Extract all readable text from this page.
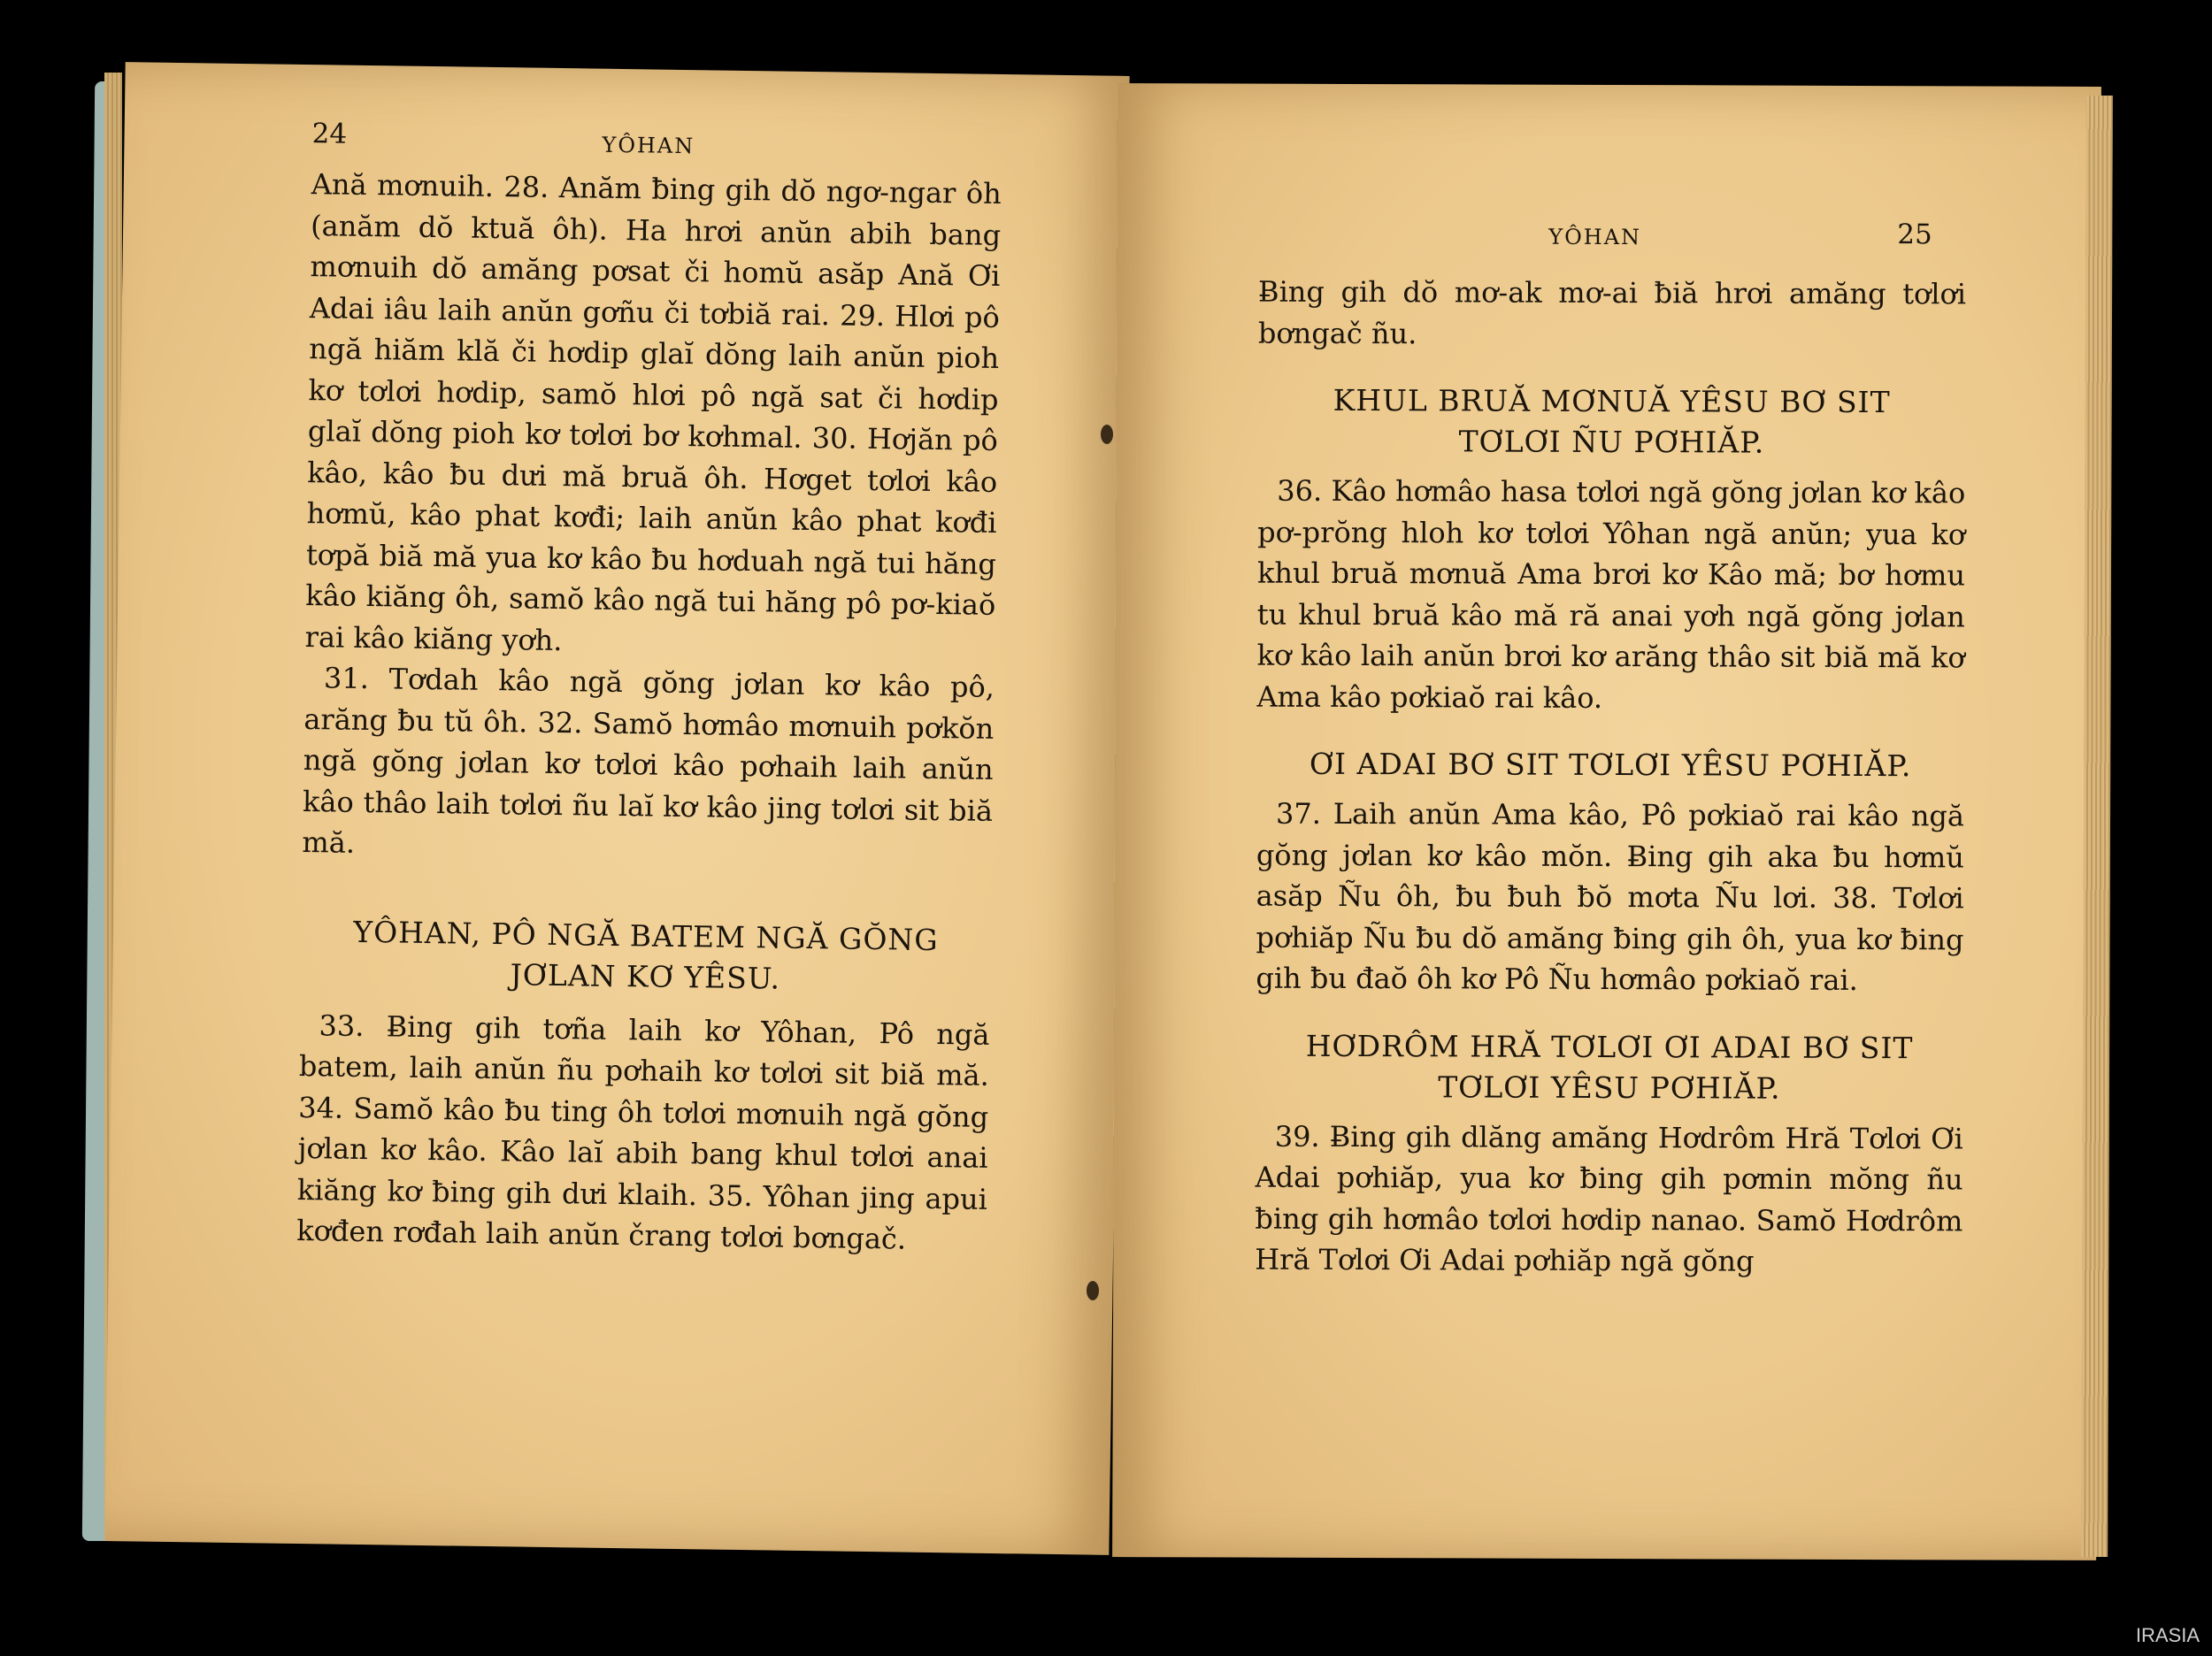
24	YÔHAN

Ană mơnuih. 28. Anăm ƀing gih dŏ ngơ-ngar ôh (anăm dŏ ktuă ôh). Ha hrơi anŭn abih bang mơnuih dŏ amăng pơsat či homŭ asăp Ană Ơi Adai iâu laih anŭn gơñu či tơbiă rai. 29. Hlơi pô ngă hiăm klă či hơdip glaĭ dŏng laih anŭn pioh kơ tơlơi hơdip, samŏ hlơi pô ngă sat či hơdip glaĭ dŏng pioh kơ tơlơi bơ kơhmal. 30. Hơjăn pô kâo, kâo ƀu dưi mă bruă ôh. Hơget tơlơi kâo hơmŭ, kâo phat kơđi; laih anŭn kâo phat kơđi tơpă biă mă yua kơ kâo ƀu hơduah ngă tui hăng kâo kiăng ôh, samŏ kâo ngă tui hăng pô pơ-kiaŏ rai kâo kiăng yơh.

31. Tơdah kâo ngă gŏng jơlan kơ kâo pô, arăng ƀu tŭ ôh. 32. Samŏ hơmâo mơnuih pơkŏn ngă gŏng jơlan kơ tơlơi kâo pơhaih laih anŭn kâo thâo laih tơlơi ñu laĭ kơ kâo jing tơlơi sit biă mă.

YÔHAN, PÔ NGĂ BATEM NGĂ GŎNG

JƠLAN KƠ YÊSU.

33. Ƀing gih tơña laih kơ Yôhan, Pô ngă batem, laih anŭn ñu pơhaih kơ tơlơi sit biă mă. 34. Samŏ kâo ƀu ting ôh tơlơi mơnuih ngă gŏng jơlan kơ kâo. Kâo laĭ abih bang khul tơlơi anai kiăng kơ ƀing gih dưi klaih. 35. Yôhan jing apui kơđen rơđah laih anŭn črang tơlơi bơngač.

YÔHAN	25

Ƀing gih dŏ mơ-ak mơ-ai ƀiă hrơi amăng tơlơi bơngač ñu.

KHUL BRUĂ MƠNUĂ YÊSU BƠ SIT

TƠLƠI ÑU PƠHIĂP.

36. Kâo hơmâo hasa tơlơi ngă gŏng jơlan kơ kâo pơ-prŏng hloh kơ tơlơi Yôhan ngă anŭn; yua kơ khul bruă mơnuă Ama brơi kơ Kâo mă; bơ hơmu tu khul bruă kâo mă ră anai yơh ngă gŏng jơlan kơ kâo laih anŭn brơi kơ arăng thâo sit biă mă kơ Ama kâo pơkiaŏ rai kâo.

ƠI ADAI BƠ SIT TƠLƠI YÊSU PƠHIĂP.

37. Laih anŭn Ama kâo, Pô pơkiaŏ rai kâo ngă gŏng jơlan kơ kâo mŏn. Ƀing gih aka ƀu hơmŭ asăp Ñu ôh, ƀu ƀuh ƀŏ mơta Ñu lơi. 38. Tơlơi pơhiăp Ñu ƀu dŏ amăng ƀing gih ôh, yua kơ ƀing gih ƀu đaŏ ôh kơ Pô Ñu hơmâo pơkiaŏ rai.

HƠDRÔM HRĂ TƠLƠI ƠI ADAI BƠ SIT

TƠLƠI YÊSU PƠHIĂP.

39. Ƀing gih dlăng amăng Hơdrôm Hră Tơlơi Ơi Adai pơhiăp, yua kơ ƀing gih pơmin mŏng ñu ƀing gih hơmâo tơlơi hơdip nanao. Samŏ Hơdrôm Hră Tơlơi Ơi Adai pơhiăp ngă gŏng

IRASIA
